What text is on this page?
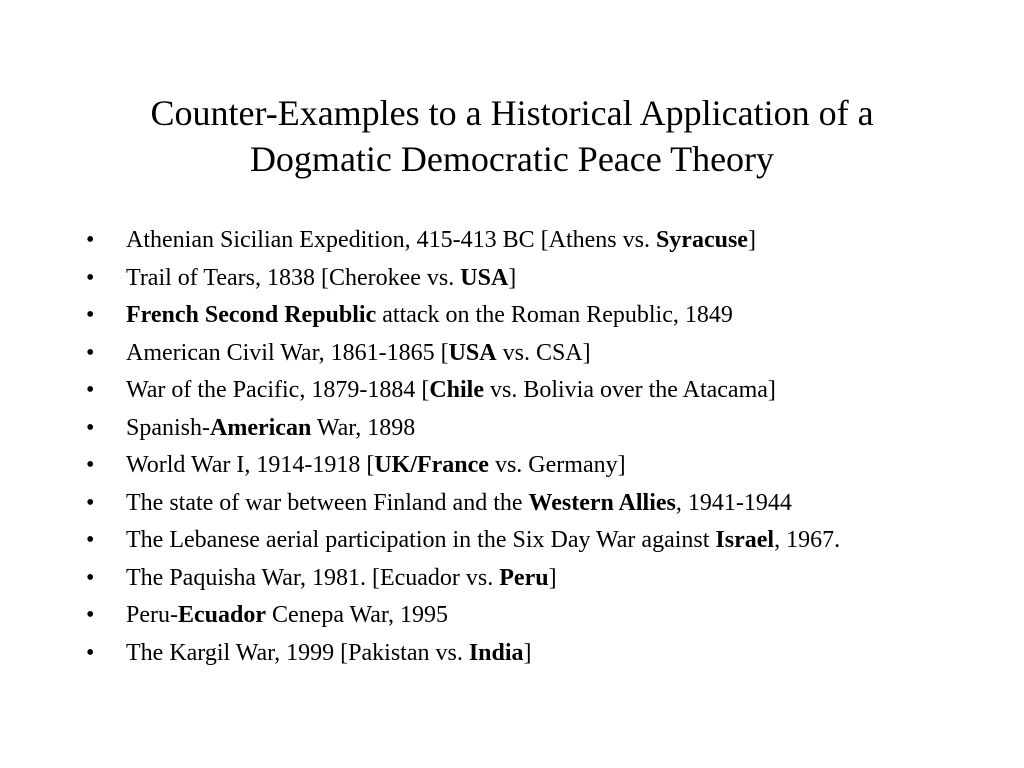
Counter-Examples to a Historical Application of a
Dogmatic Democratic Peace Theory
•	Athenian Sicilian Expedition, 415-413 BC [Athens vs. Syracuse]
•	Trail of Tears, 1838 [Cherokee vs. USA]
•	French Second Republic attack on the Roman Republic, 1849
•	American Civil War, 1861-1865 [USA vs. CSA]
•	War of the Pacific, 1879-1884 [Chile vs. Bolivia over the Atacama]
•	Spanish-American War, 1898
•	World War I, 1914-1918 [UK/France vs. Germany]
•	The state of war between Finland and the Western Allies, 1941-1944
•	The Lebanese aerial participation in the Six Day War against Israel, 1967.
•	The Paquisha War, 1981. [Ecuador vs. Peru]
•	Peru-Ecuador Cenepa War, 1995
•	The Kargil War, 1999 [Pakistan vs. India]
